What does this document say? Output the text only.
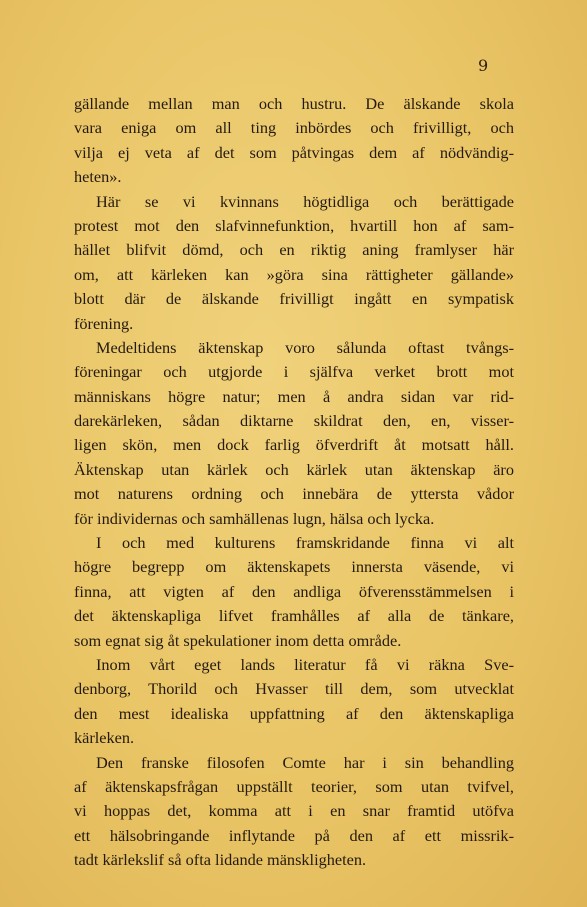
9
gällande mellan man och hustru. De älskande skola
vara eniga om all ting inbördes och frivilligt, och
vilja ej veta af det som påtvingas dem af nödvändig-
heten».
Här se vi kvinnans högtidliga och berättigade
protest mot den slafvinnefunktion, hvartill hon af sam-
hället blifvit dömd, och en riktig aning framlyser här
om, att kärleken kan »göra sina rättigheter gällande»
blott där de älskande frivilligt ingått en sympatisk
förening.
Medeltidens äktenskap voro sålunda oftast tvångs-
föreningar och utgjorde i själfva verket brott mot
människans högre natur; men å andra sidan var rid-
darekärleken, sådan diktarne skildrat den, en, visser-
ligen skön, men dock farlig öfverdrift åt motsatt håll.
Äktenskap utan kärlek och kärlek utan äktenskap äro
mot naturens ordning och innebära de yttersta vådor
för individernas och samhällenas lugn, hälsa och lycka.
I och med kulturens framskridande finna vi alt
högre begrepp om äktenskapets innersta väsende, vi
finna, att vigten af den andliga öfverensstämmelsen i
det äktenskapliga lifvet framhålles af alla de tänkare,
som egnat sig åt spekulationer inom detta område.
Inom vårt eget lands literatur få vi räkna Sve-
denborg, Thorild och Hvasser till dem, som utvecklat
den mest idealiska uppfattning af den äktenskapliga
kärleken.
Den franske filosofen Comte har i sin behandling
af äktenskapsfrågan uppställt teorier, som utan tvifvel,
vi hoppas det, komma att i en snar framtid utöfva
ett hälsobringande inflytande på den af ett missrik-
tadt kärlekslif så ofta lidande mänskligheten.
